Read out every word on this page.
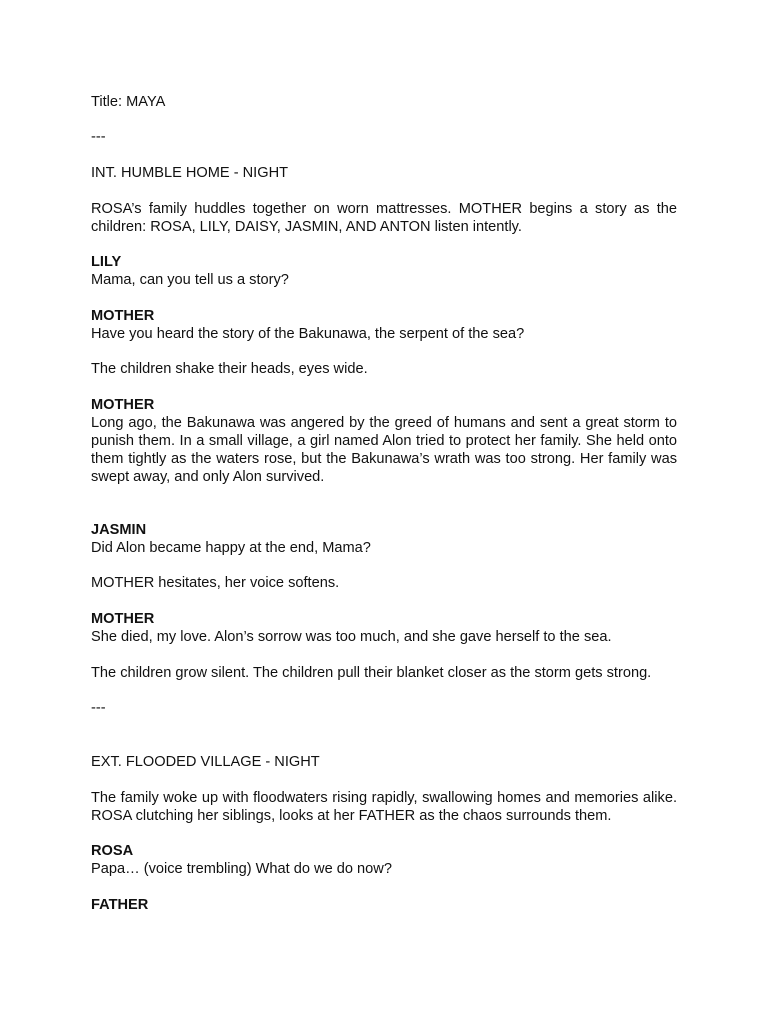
Title: MAYA
---
INT. HUMBLE HOME - NIGHT
ROSA’s family huddles together on worn mattresses. MOTHER begins a story as the children: ROSA, LILY, DAISY, JASMIN, AND ANTON listen intently.
LILY
Mama, can you tell us a story?
MOTHER
Have you heard the story of the Bakunawa, the serpent of the sea?
The children shake their heads, eyes wide.
MOTHER
Long ago, the Bakunawa was angered by the greed of humans and sent a great storm to punish them. In a small village, a girl named Alon tried to protect her family. She held onto them tightly as the waters rose, but the Bakunawa’s wrath was too strong. Her family was swept away, and only Alon survived.
JASMIN
Did Alon became happy at the end, Mama?
MOTHER hesitates, her voice softens.
MOTHER
She died, my love. Alon’s sorrow was too much, and she gave herself to the sea.
The children grow silent. The children pull their blanket closer as the storm gets strong.
---
EXT. FLOODED VILLAGE - NIGHT
The family woke up with floodwaters rising rapidly, swallowing homes and memories alike. ROSA clutching her siblings, looks at her FATHER as the chaos surrounds them.
ROSA
Papa… (voice trembling) What do we do now?
FATHER
